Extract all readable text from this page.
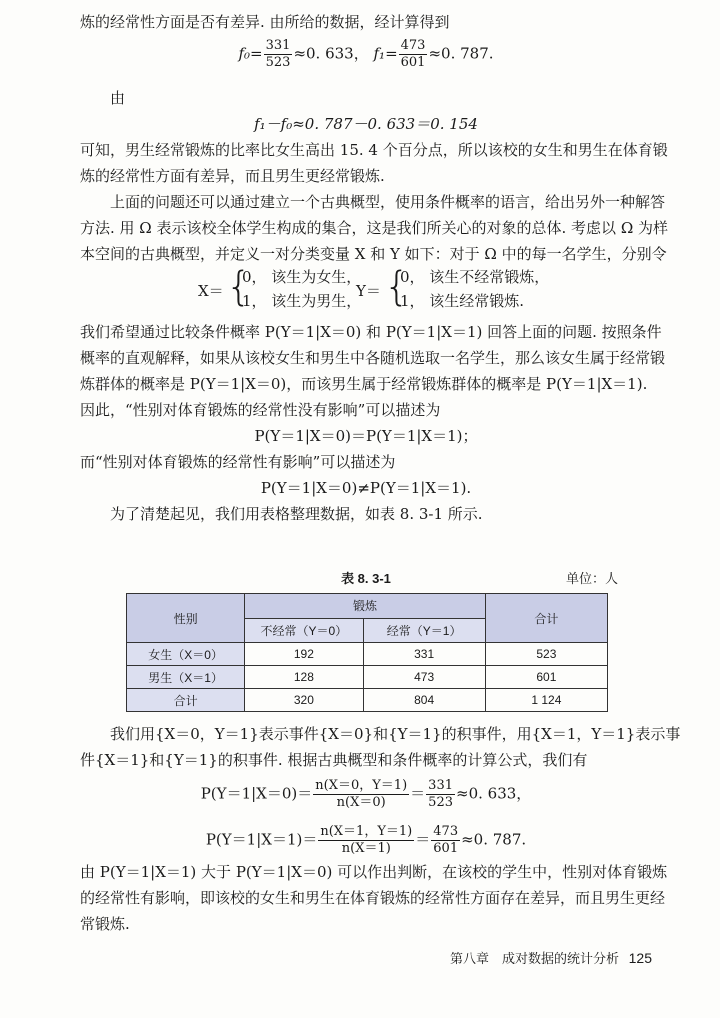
炼的经常性方面是否有差异. 由所给的数据，经计算得到
$f_0= \frac{331}{523} \approx 0$. 633， $f_1= \frac{473}{601} \approx 0$. 787.
由
f₁－f₀≈0. 787－0. 633＝0. 154
可知，男生经常锻炼的比率比女生高出 15. 4 个百分点，所以该校的女生和男生在体育锻
炼的经常性方面有差异，而且男生更经常锻炼.
上面的问题还可以通过建立一个古典概型，使用条件概率的语言，给出另外一种解答
方法. 用 Ω 表示该校全体学生构成的集合，这是我们所关心的对象的总体. 考虑以 Ω 为样
本空间的古典概型，并定义一对分类变量 X 和 Y 如下：对于 Ω 中的每一名学生，分别令
X＝ {
0， 该生为女生，
1， 该生为男生，
Y＝ {
0， 该生不经常锻炼，
1， 该生经常锻炼.
我们希望通过比较条件概率 P(Y＝1|X＝0) 和 P(Y＝1|X＝1) 回答上面的问题. 按照条件
概率的直观解释，如果从该校女生和男生中各随机选取一名学生，那么该女生属于经常锻
炼群体的概率是 P(Y＝1|X＝0)，而该男生属于经常锻炼群体的概率是 P(Y＝1|X＝1).
因此，“性别对体育锻炼的经常性没有影响”可以描述为
P(Y＝1|X＝0)＝P(Y＝1|X＝1)；
而“性别对体育锻炼的经常性有影响”可以描述为
P(Y＝1|X＝0)≠P(Y＝1|X＝1).
为了清楚起见，我们用表格整理数据，如表 8. 3-1 所示.
表 8. 3-1	单位：人
性别	锻炼		合计
	不经常（Y＝0）	经常（Y＝1）	
女生（X＝0）	192	331	523
男生（X＝1）	128	473	601
合计	320	804	1 124
我们用{X＝0，Y＝1}表示事件{X＝0}和{Y＝1}的积事件，用{X＝1，Y＝1}表示事
件{X＝1}和{Y＝1}的积事件. 根据古典概型和条件概率的计算公式，我们有
$P(Y=1|X=0)= \frac{n(X=0,Y=1)}{n(X=0)} = \frac{331}{523} \approx 0$. 633，
$P(Y=1|X=1)= \frac{n(X=1,Y=1)}{n(X=1)} = \frac{473}{601} \approx 0$. 787.
由 P(Y＝1|X＝1) 大于 P(Y＝1|X＝0) 可以作出判断，在该校的学生中，性别对体育锻炼
的经常性有影响，即该校的女生和男生在体育锻炼的经常性方面存在差异，而且男生更经
常锻炼.
第八章　成对数据的统计分析 125
